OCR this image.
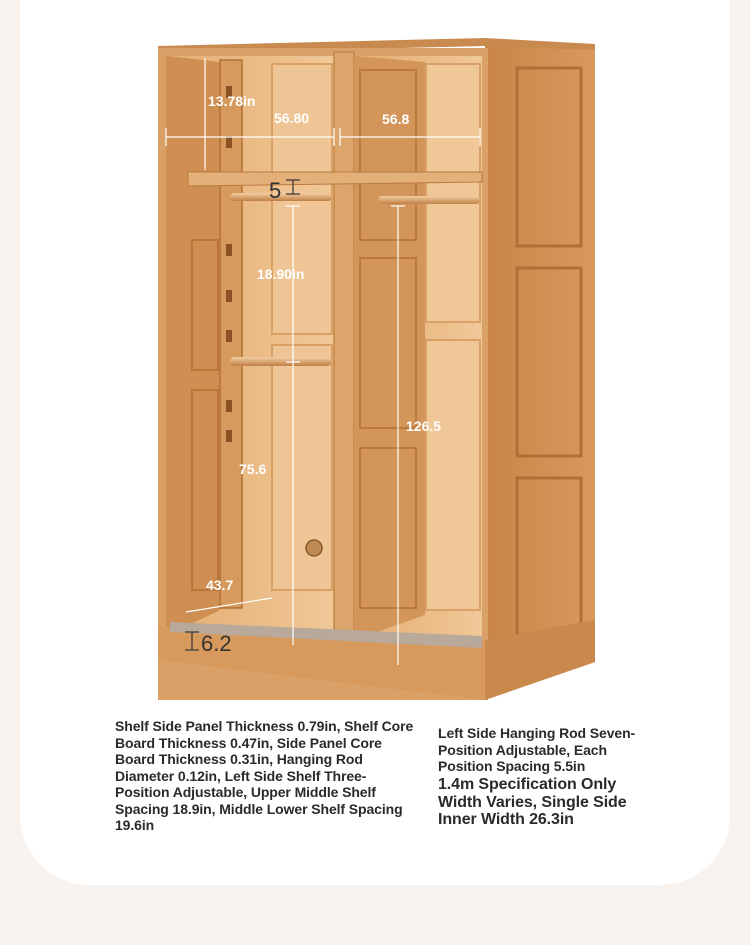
13.78in
56.80	56.8
5
18.90in
126.5
75.6
43.7
6.2
Shelf Side Panel Thickness 0.79in, Shelf Core Board Thickness 0.47in, Side Panel Core Board Thickness 0.31in, Hanging Rod Diameter 0.12in, Left Side Shelf Three-Position Adjustable, Upper Middle Shelf Spacing 18.9in, Middle Lower Shelf Spacing 19.6in
Left Side Hanging Rod Seven-Position Adjustable, Each Position Spacing 5.5in
1.4m Specification Only Width Varies, Single Side Inner Width 26.3in
